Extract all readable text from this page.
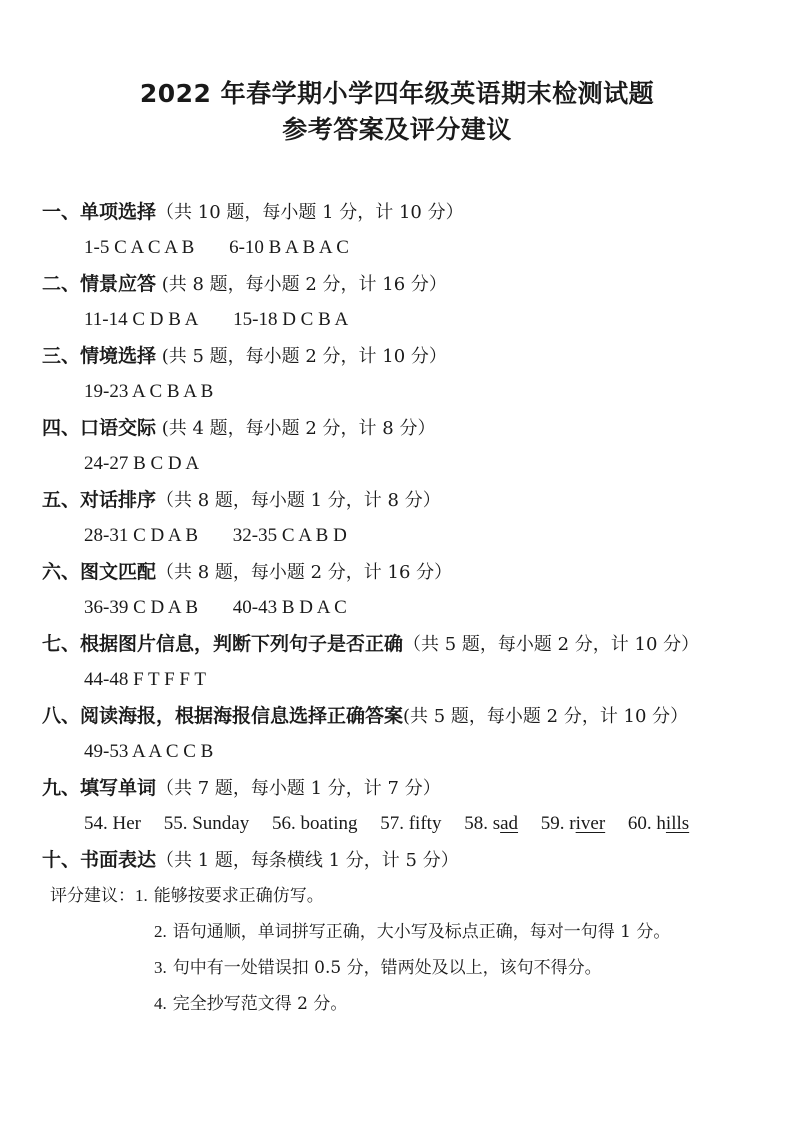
2022 年春学期小学四年级英语期末检测试题
参考答案及评分建议
一、单项选择（共 10 题，每小题 1 分，计 10 分）
1-5 C A C A B 6-10 B A B A C
二、情景应答 (共 8 题，每小题 2 分，计 16 分）
11-14 C D B A 15-18 D C B A
三、情境选择 (共 5 题，每小题 2 分，计 10 分）
19-23 A C B A B
四、口语交际 (共 4 题，每小题 2 分，计 8 分）
24-27 B C D A
五、对话排序（共 8 题，每小题 1 分，计 8 分）
28-31 C D A B 32-35 C A B D
六、图文匹配（共 8 题，每小题 2 分，计 16 分）
36-39 C D A B 40-43 B D A C
七、根据图片信息，判断下列句子是否正确（共 5 题，每小题 2 分，计 10 分）
44-48 F T F F T
八、阅读海报，根据海报信息选择正确答案(共 5 题，每小题 2 分，计 10 分）
49-53 A A C C B
九、填写单词（共 7 题，每小题 1 分，计 7 分）
54. Her 55. Sunday 56. boating 57. fifty 58. sad 59. river 60. hills
十、书面表达（共 1 题，每条横线 1 分，计 5 分）
评分建议：1. 能够按要求正确仿写。
2. 语句通顺，单词拼写正确，大小写及标点正确，每对一句得 1 分。
3. 句中有一处错误扣 0.5 分，错两处及以上，该句不得分。
4. 完全抄写范文得 2 分。
